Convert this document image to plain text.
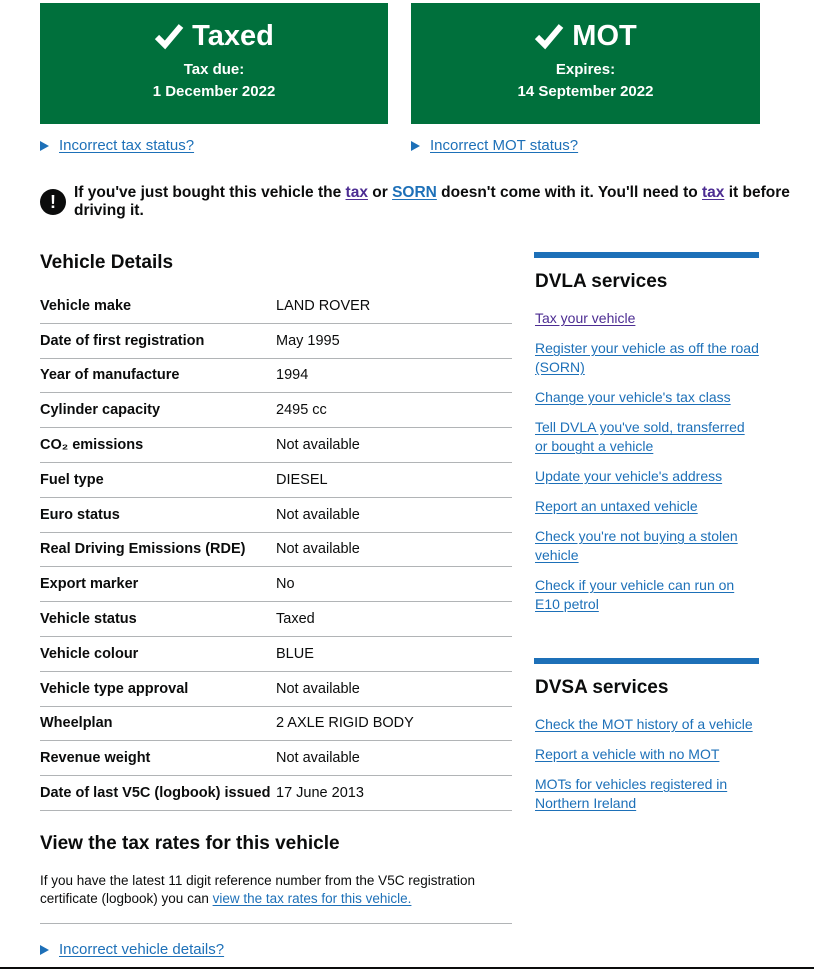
Taxed
Tax due:
1 December 2022
MOT
Expires:
14 September 2022
Incorrect tax status?	Incorrect MOT status?
!	If you've just bought this vehicle the tax or SORN doesn't come with it. You'll need to tax it before driving it.
Vehicle Details
Vehicle make	LAND ROVER
Date of first registration	May 1995
Year of manufacture	1994
Cylinder capacity	2495 cc
CO₂ emissions	Not available
Fuel type	DIESEL
Euro status	Not available
Real Driving Emissions (RDE)	Not available
Export marker	No
Vehicle status	Taxed
Vehicle colour	BLUE
Vehicle type approval	Not available
Wheelplan	2 AXLE RIGID BODY
Revenue weight	Not available
Date of last V5C (logbook) issued 17 June 2013
View the tax rates for this vehicle

If you have the latest 11 digit reference number from the V5C registration certificate (logbook) you can view the tax rates for this vehicle.

Incorrect vehicle details?
DVLA services
Tax your vehicle
Register your vehicle as off the road (SORN)
Change your vehicle's tax class
Tell DVLA you've sold, transferred or bought a vehicle
Update your vehicle's address
Report an untaxed vehicle
Check you're not buying a stolen vehicle
Check if your vehicle can run on E10 petrol
DVSA services
Check the MOT history of a vehicle
Report a vehicle with no MOT
MOTs for vehicles registered in Northern Ireland
